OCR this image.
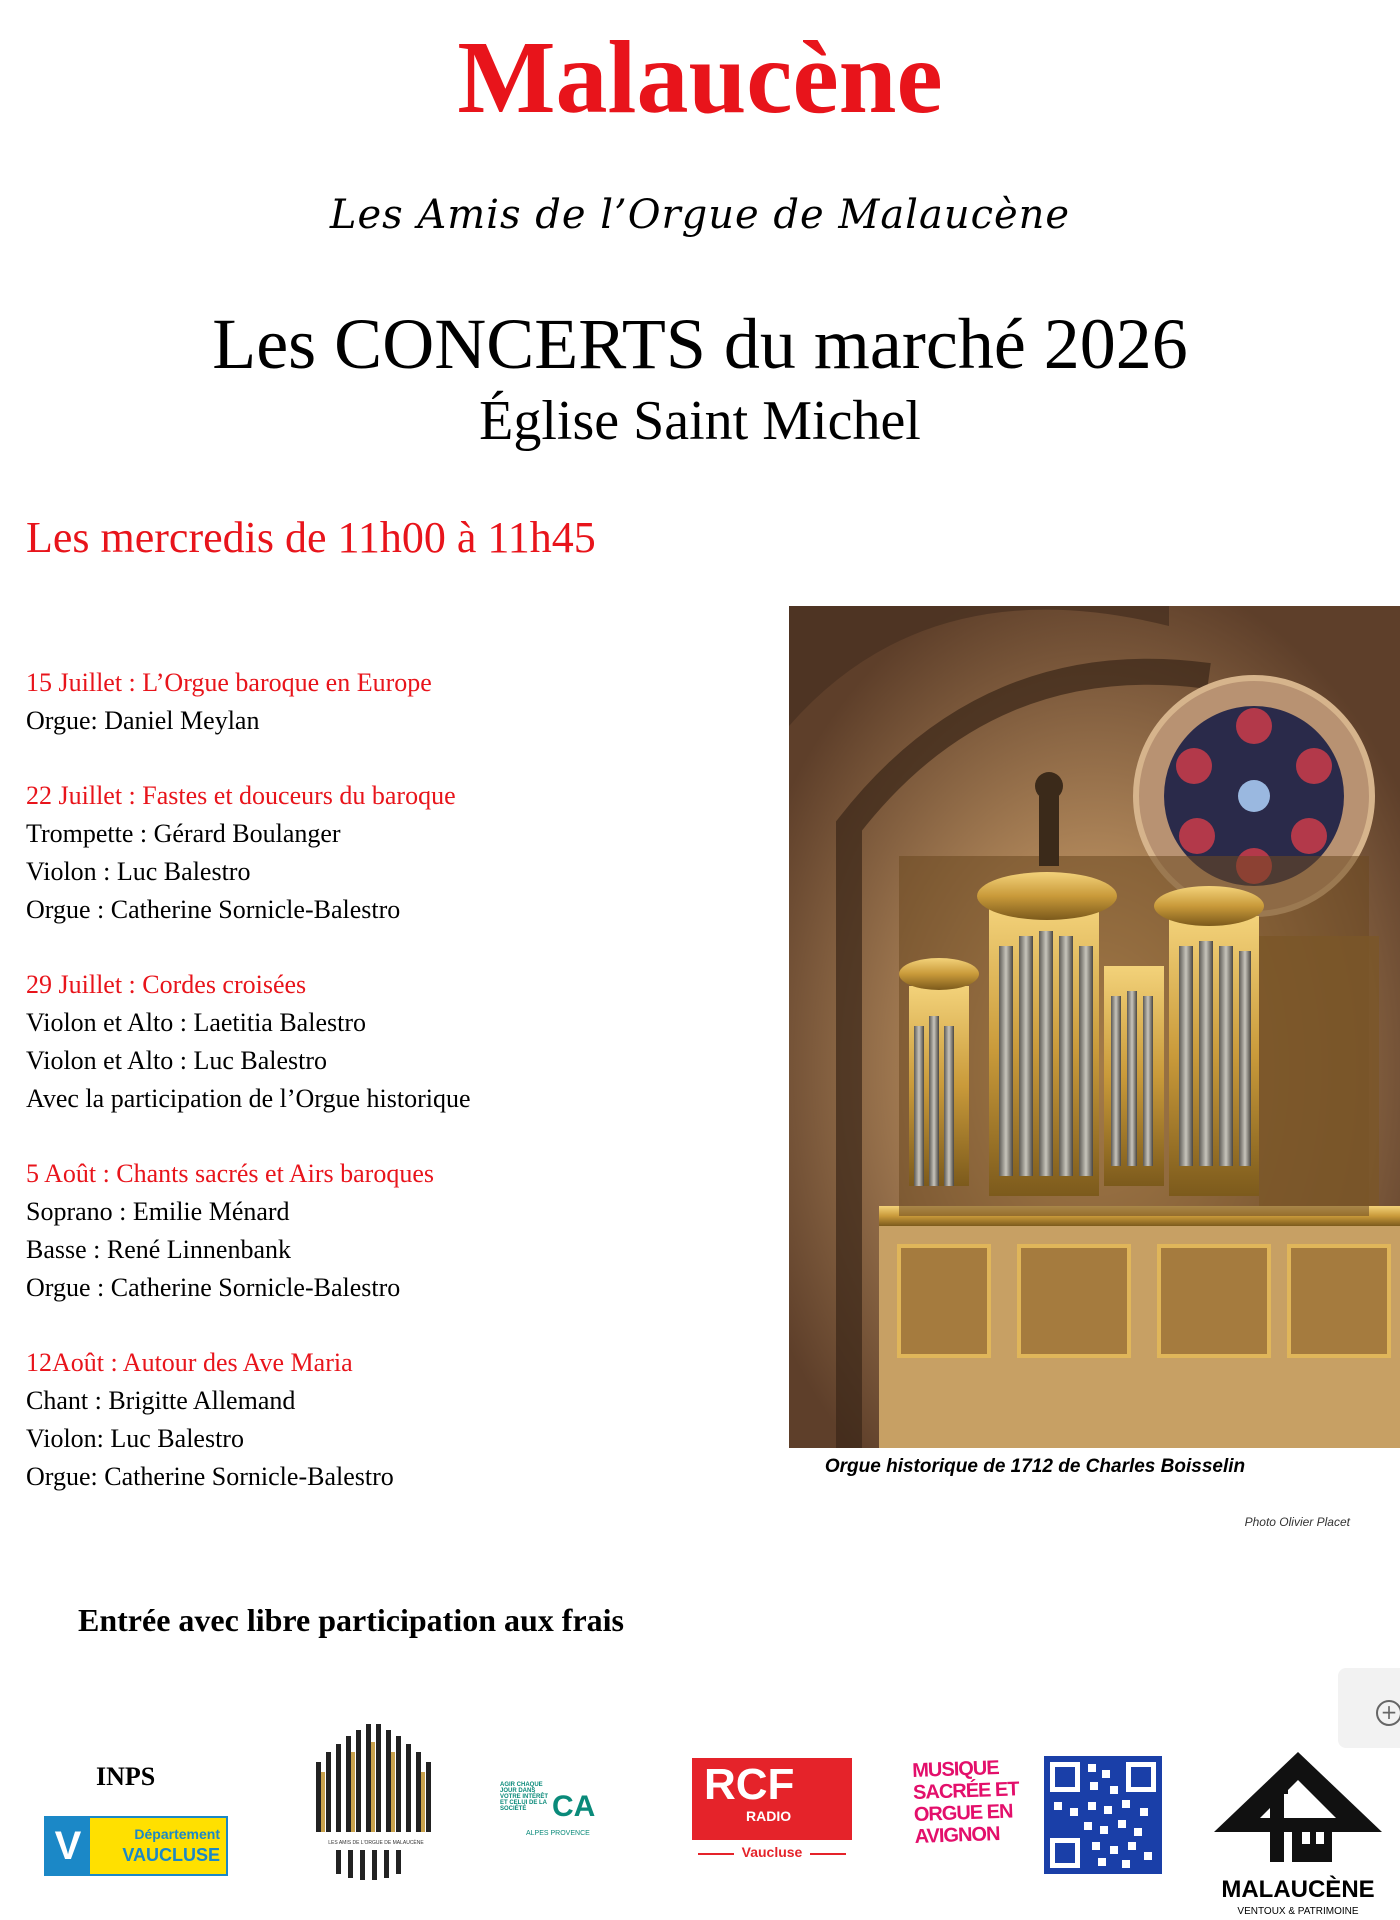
Malaucène
Les Amis de l’Orgue de Malaucène
Les CONCERTS du marché 2026
Église Saint Michel
Les mercredis de 11h00 à 11h45
15 Juillet : L’Orgue baroque en Europe
Orgue: Daniel Meylan
22 Juillet : Fastes et douceurs du baroque
Trompette : Gérard Boulanger
Violon : Luc Balestro
Orgue : Catherine Sornicle-Balestro
29 Juillet : Cordes croisées
Violon et Alto : Laetitia Balestro
Violon et Alto : Luc Balestro
Avec la participation de l’Orgue historique
5 Août : Chants sacrés et Airs baroques
Soprano : Emilie Ménard
Basse : René Linnenbank
Orgue : Catherine Sornicle-Balestro
12Août : Autour des Ave Maria
Chant : Brigitte Allemand
Violon: Luc Balestro
Orgue: Catherine Sornicle-Balestro	Orgue historique de 1712 de Charles Boisselin
Photo Olivier Placet
Entrée avec libre participation aux frais
+
INPS
V	Département
VAUCLUSE
LES AMIS DE L'ORGUE DE MALAUCÈNE
AGIR CHAQUE JOUR DANS VOTRE INTÉRÊT ET CELUI DE LA SOCIÉTÉ CA
ALPES PROVENCE
RCF
RADIO
Vaucluse
MUSIQUE SACRÉE ET ORGUE EN AVIGNON
MALAUCÈNE
VENTOUX & PATRIMOINE
